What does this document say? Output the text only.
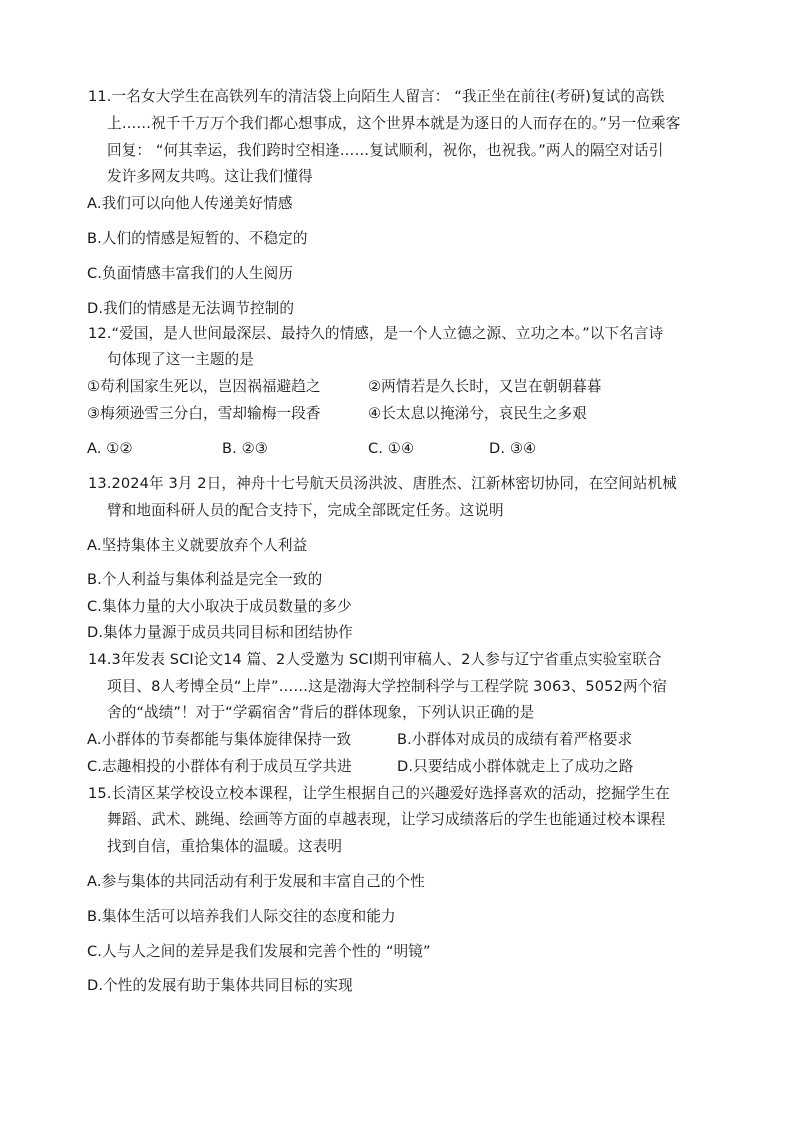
11.一名女大学生在高铁列车的清洁袋上向陌生人留言： “我正坐在前往(考研)复试的高铁
上……祝千千万万个我们都心想事成，这个世界本就是为逐日的人而存在的。”另一位乘客
回复： “何其幸运，我们跨时空相逢……复试顺利，祝你，也祝我。”两人的隔空对话引
发许多网友共鸣。这让我们懂得
A.我们可以向他人传递美好情感
B.人们的情感是短暂的、不稳定的
C.负面情感丰富我们的人生阅历
D.我们的情感是无法调节控制的
12.“爱国，是人世间最深层、最持久的情感，是一个人立德之源、立功之本。”以下名言诗
句体现了这一主题的是
①苟利国家生死以，岂因祸福避趋之	②两情若是久长时，又岂在朝朝暮暮
③梅须逊雪三分白，雪却输梅一段香	④长太息以掩涕兮，哀民生之多艰
A. ①②	B. ②③	C. ①④	D. ③④
13.2024年 3月 2日，神舟十七号航天员汤洪波、唐胜杰、江新林密切协同，在空间站机械
臂和地面科研人员的配合支持下，完成全部既定任务。这说明
A.坚持集体主义就要放弃个人利益
B.个人利益与集体利益是完全一致的
C.集体力量的大小取决于成员数量的多少
D.集体力量源于成员共同目标和团结协作
14.3年发表 SCI论文14 篇、2人受邀为 SCI期刊审稿人、2人参与辽宁省重点实验室联合
项目、8人考博全员“上岸”……这是渤海大学控制科学与工程学院 3063、5052两个宿
舍的“战绩”！对于“学霸宿舍”背后的群体现象，下列认识正确的是
A.小群体的节奏都能与集体旋律保持一致	B.小群体对成员的成绩有着严格要求
C.志趣相投的小群体有利于成员互学共进	D.只要结成小群体就走上了成功之路
15.长清区某学校设立校本课程，让学生根据自己的兴趣爱好选择喜欢的活动，挖掘学生在
舞蹈、武术、跳绳、绘画等方面的卓越表现，让学习成绩落后的学生也能通过校本课程
找到自信，重拾集体的温暖。这表明
A.参与集体的共同活动有利于发展和丰富自己的个性
B.集体生活可以培养我们人际交往的态度和能力
C.人与人之间的差异是我们发展和完善个性的 “明镜”
D.个性的发展有助于集体共同目标的实现
